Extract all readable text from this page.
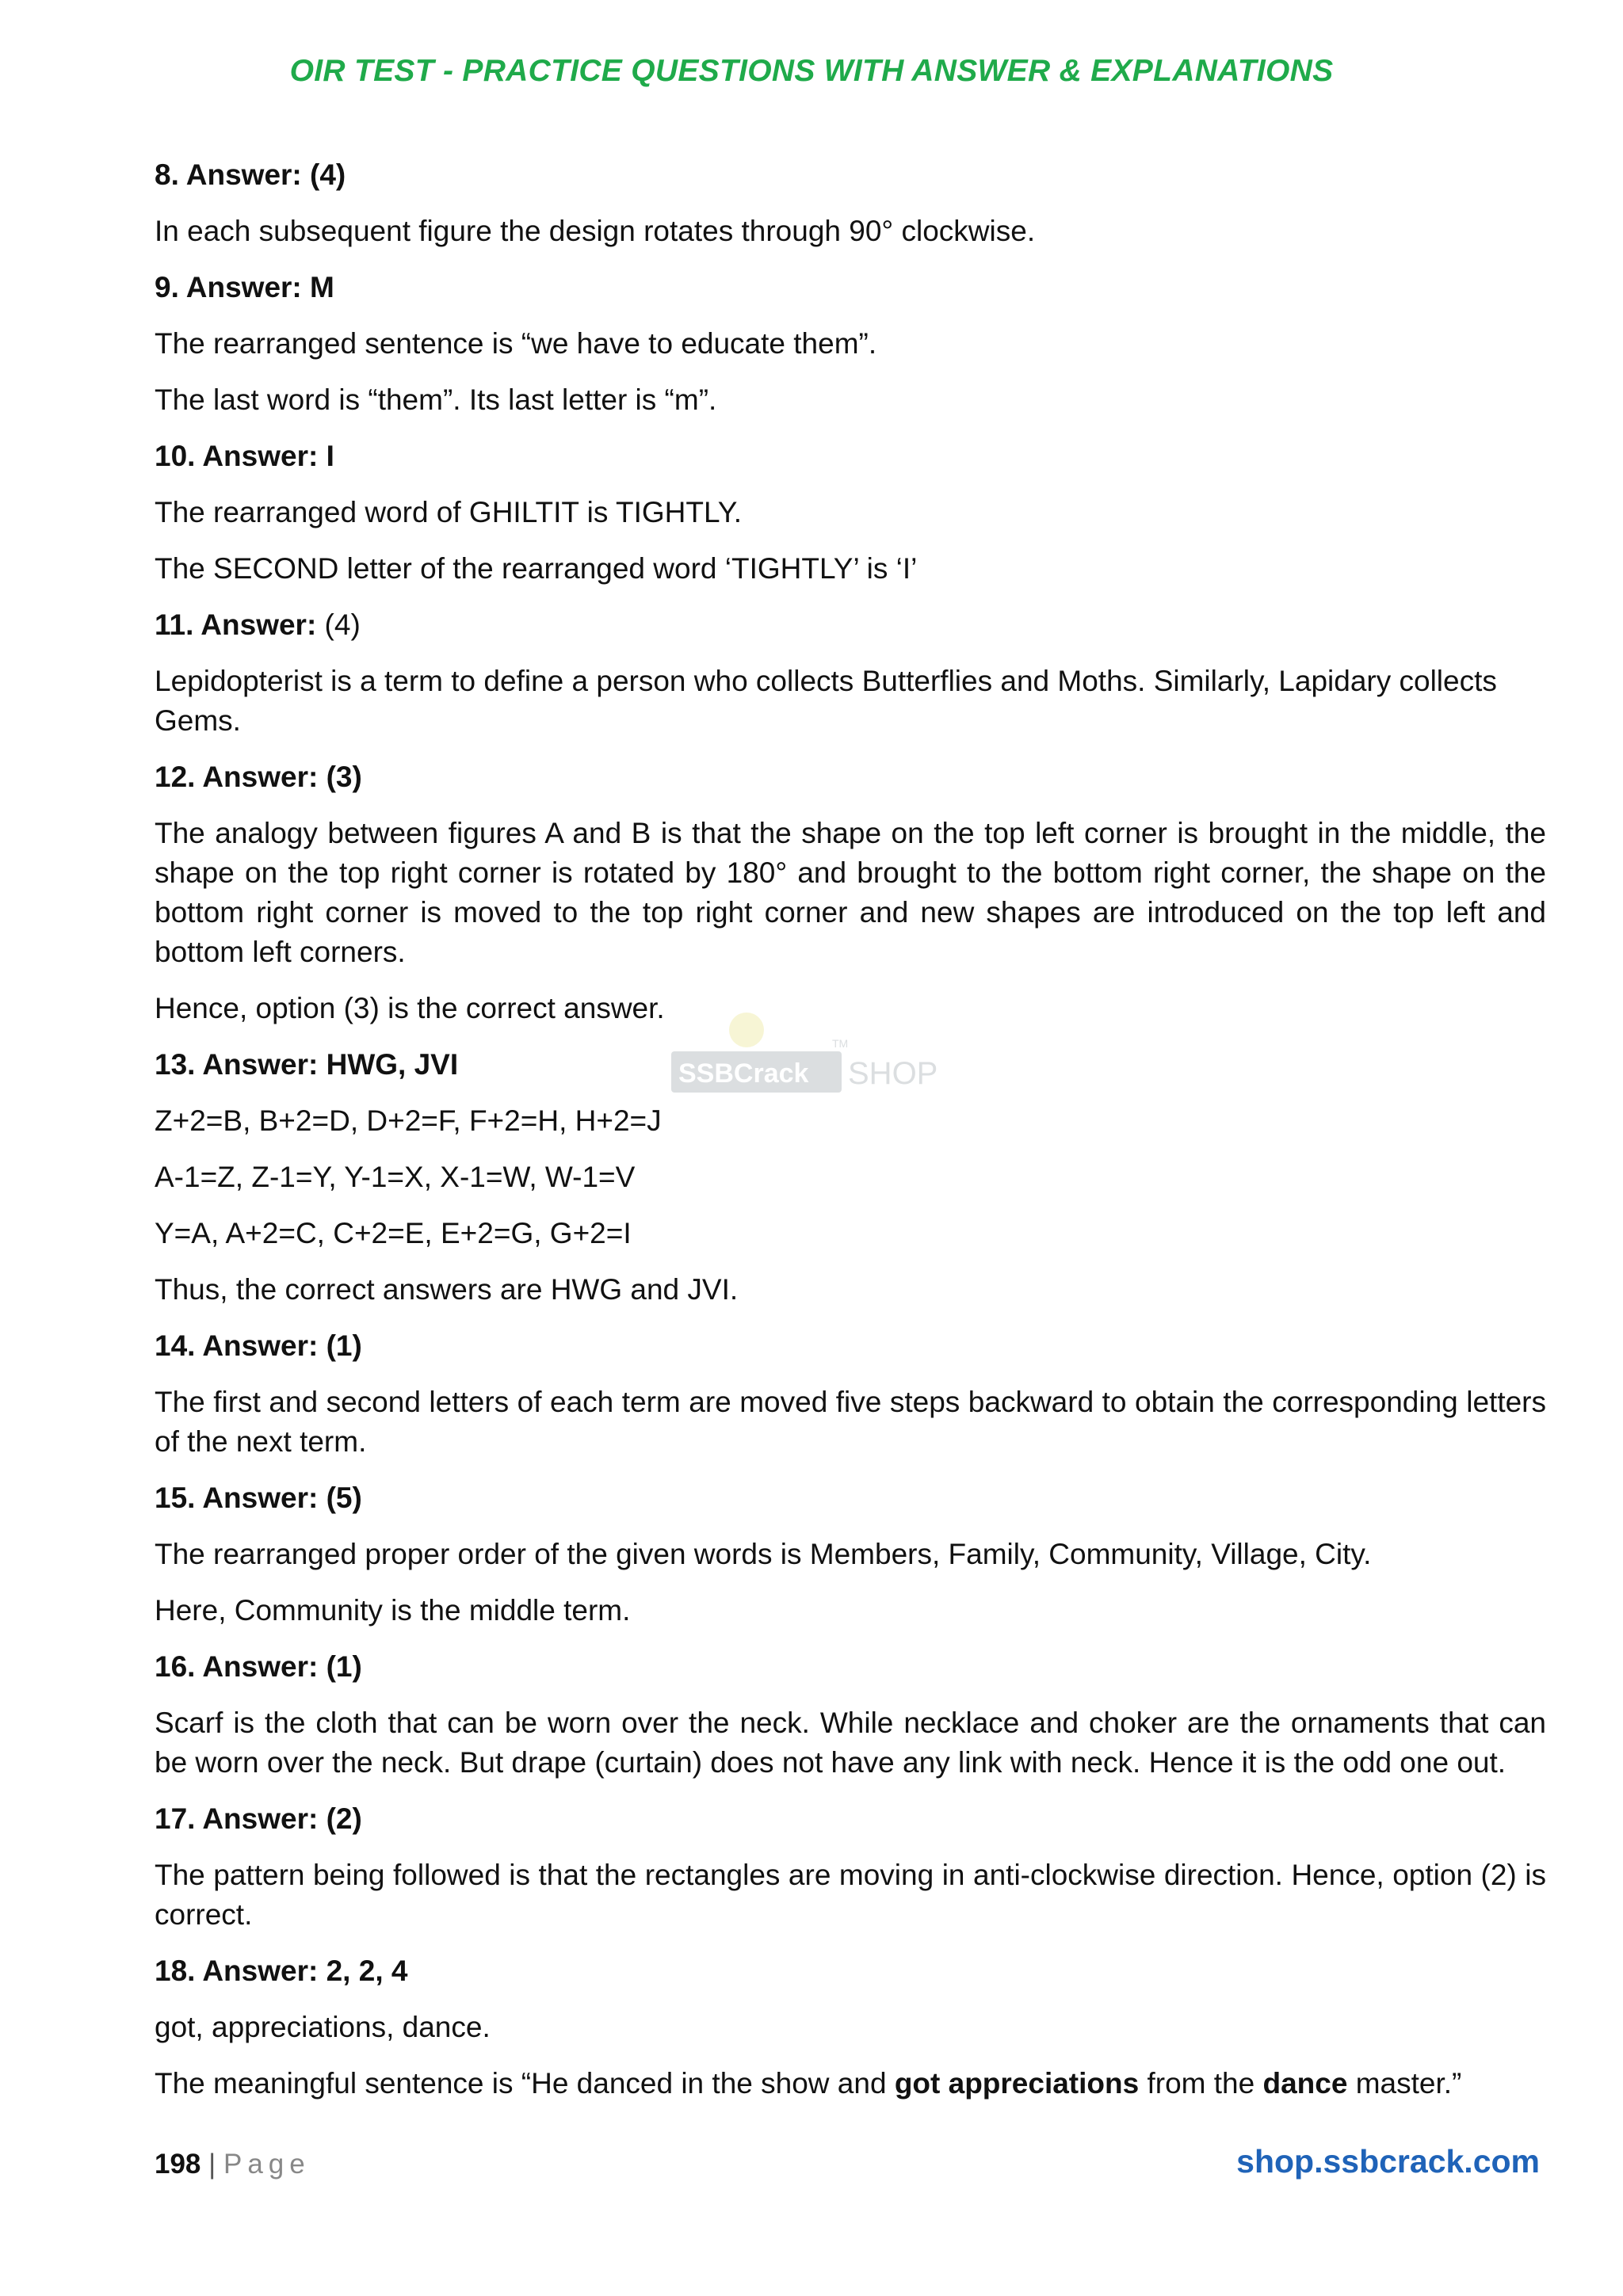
OIR TEST - PRACTICE QUESTIONS WITH ANSWER & EXPLANATIONS
SSBCrack SHOP
TM
8. Answer: (4)
In each subsequent figure the design rotates through 90° clockwise.
9. Answer: M
The rearranged sentence is “we have to educate them”.
The last word is “them”. Its last letter is “m”.
10. Answer: I
The rearranged word of GHILTIT is TIGHTLY.
The SECOND letter of the rearranged word ‘TIGHTLY’ is ‘I’
11. Answer: (4)
Lepidopterist is a term to define a person who collects Butterflies and Moths. Similarly, Lapidary collects Gems.
12. Answer: (3)
The analogy between figures A and B is that the shape on the top left corner is brought in the middle, the shape on the top right corner is rotated by 180° and brought to the bottom right corner, the shape on the bottom right corner is moved to the top right corner and new shapes are introduced on the top left and bottom left corners.
Hence, option (3) is the correct answer.
13. Answer: HWG, JVI
Z+2=B, B+2=D, D+2=F, F+2=H, H+2=J
A-1=Z, Z-1=Y, Y-1=X, X-1=W, W-1=V
Y=A, A+2=C, C+2=E, E+2=G, G+2=I
Thus, the correct answers are HWG and JVI.
14. Answer: (1)
The first and second letters of each term are moved five steps backward to obtain the corresponding letters of the next term.
15. Answer: (5)
The rearranged proper order of the given words is Members, Family, Community, Village, City.
Here, Community is the middle term.
16. Answer: (1)
Scarf is the cloth that can be worn over the neck. While necklace and choker are the ornaments that can be worn over the neck. But drape (curtain) does not have any link with neck. Hence it is the odd one out.
17. Answer: (2)
The pattern being followed is that the rectangles are moving in anti-clockwise direction. Hence, option (2) is correct.
18. Answer: 2, 2, 4
got, appreciations, dance.
The meaningful sentence is “He danced in the show and got appreciations from the dance master.”
198 | Page	shop.ssbcrack.com
